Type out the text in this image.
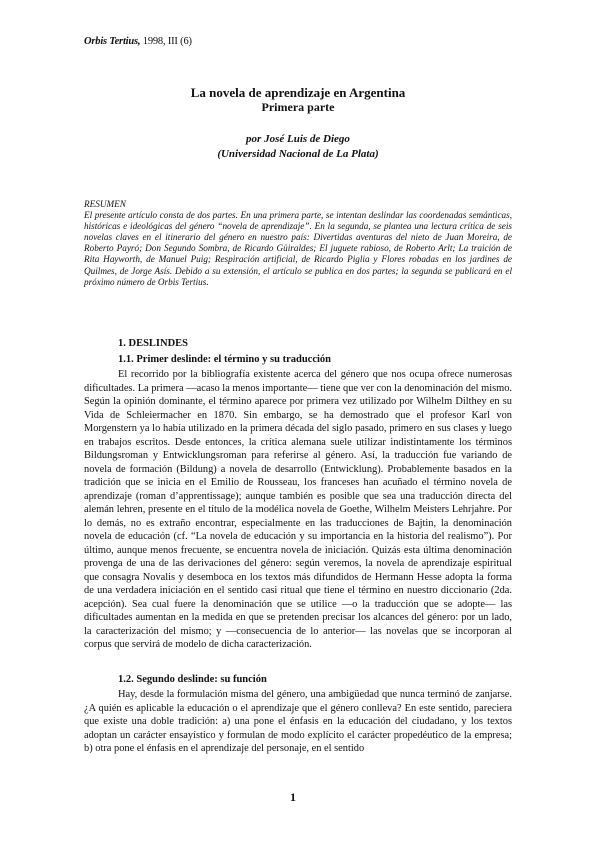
Orbis Tertius, 1998, III (6)
La novela de aprendizaje en Argentina
Primera parte
por José Luis de Diego
(Universidad Nacional de La Plata)
RESUMEN

El presente artículo consta de dos partes. En una primera parte, se intentan deslindar las coordenadas semánticas, históricas e ideológicas del género “novela de aprendizaje”. En la segunda, se plantea una lectura crítica de seis novelas claves en el itinerario del género en nuestro país: Divertidas aventuras del nieto de Juan Moreira, de Roberto Payró; Don Segundo Sombra, de Ricardo Güiraldes; El juguete rabioso, de Roberto Arlt; La traición de Rita Hayworth, de Manuel Puig; Respiración artificial, de Ricardo Piglia y Flores robadas en los jardines de Quilmes, de Jorge Asís. Debido a su extensión, el artículo se publica en dos partes; la segunda se publicará en el próximo número de Orbis Tertius.

1. DESLINDES
1.1. Primer deslinde: el término y su traducción

El recorrido por la bibliografía existente acerca del género que nos ocupa ofrece numerosas dificultades. La primera —acaso la menos importante— tiene que ver con la denominación del mismo. Según la opinión dominante, el término aparece por primera vez utilizado por Wilhelm Dilthey en su Vida de Schleiermacher en 1870. Sin embargo, se ha demostrado que el profesor Karl von Morgenstern ya lo había utilizado en la primera década del siglo pasado, primero en sus clases y luego en trabajos escritos. Desde entonces, la crítica alemana suele utilizar indistintamente los términos Bildungsroman y Entwicklungsroman para referirse al género. Así, la traducción fue variando de novela de formación (Bildung) a novela de desarrollo (Entwicklung). Probablemente basados en la tradición que se inicia en el Emilio de Rousseau, los franceses han acuñado el término novela de aprendizaje (roman d’apprentissage); aunque también es posible que sea una traducción directa del alemán lehren, presente en el título de la modélica novela de Goethe, Wilhelm Meisters Lehrjahre. Por lo demás, no es extraño encontrar, especialmente en las traducciones de Bajtin, la denominación novela de educación (cf. “La novela de educación y su importancia en la historia del realismo”). Por último, aunque menos frecuente, se encuentra novela de iniciación. Quizás esta última denominación provenga de una de las derivaciones del género: según veremos, la novela de aprendizaje espiritual que consagra Novalis y desemboca en los textos más difundidos de Hermann Hesse adopta la forma de una verdadera iniciación en el sentido casi ritual que tiene el término en nuestro diccionario (2da. acepción). Sea cual fuere la denominación que se utilice —o la traducción que se adopte— las dificultades aumentan en la medida en que se pretenden precisar los alcances del género: por un lado, la caracterización del mismo; y —consecuencia de lo anterior— las novelas que se incorporan al corpus que servirá de modelo de dicha caracterización.

1.2. Segundo deslinde: su función

Hay, desde la formulación misma del género, una ambigüedad que nunca terminó de zanjarse. ¿A quién es aplicable la educación o el aprendizaje que el género conlleva? En este sentido, pareciera que existe una doble tradición: a) una pone el énfasis en la educación del ciudadano, y los textos adoptan un carácter ensayístico y formulan de modo explícito el carácter propedéutico de la empresa; b) otra pone el énfasis en el aprendizaje del personaje, en el sentido

1
